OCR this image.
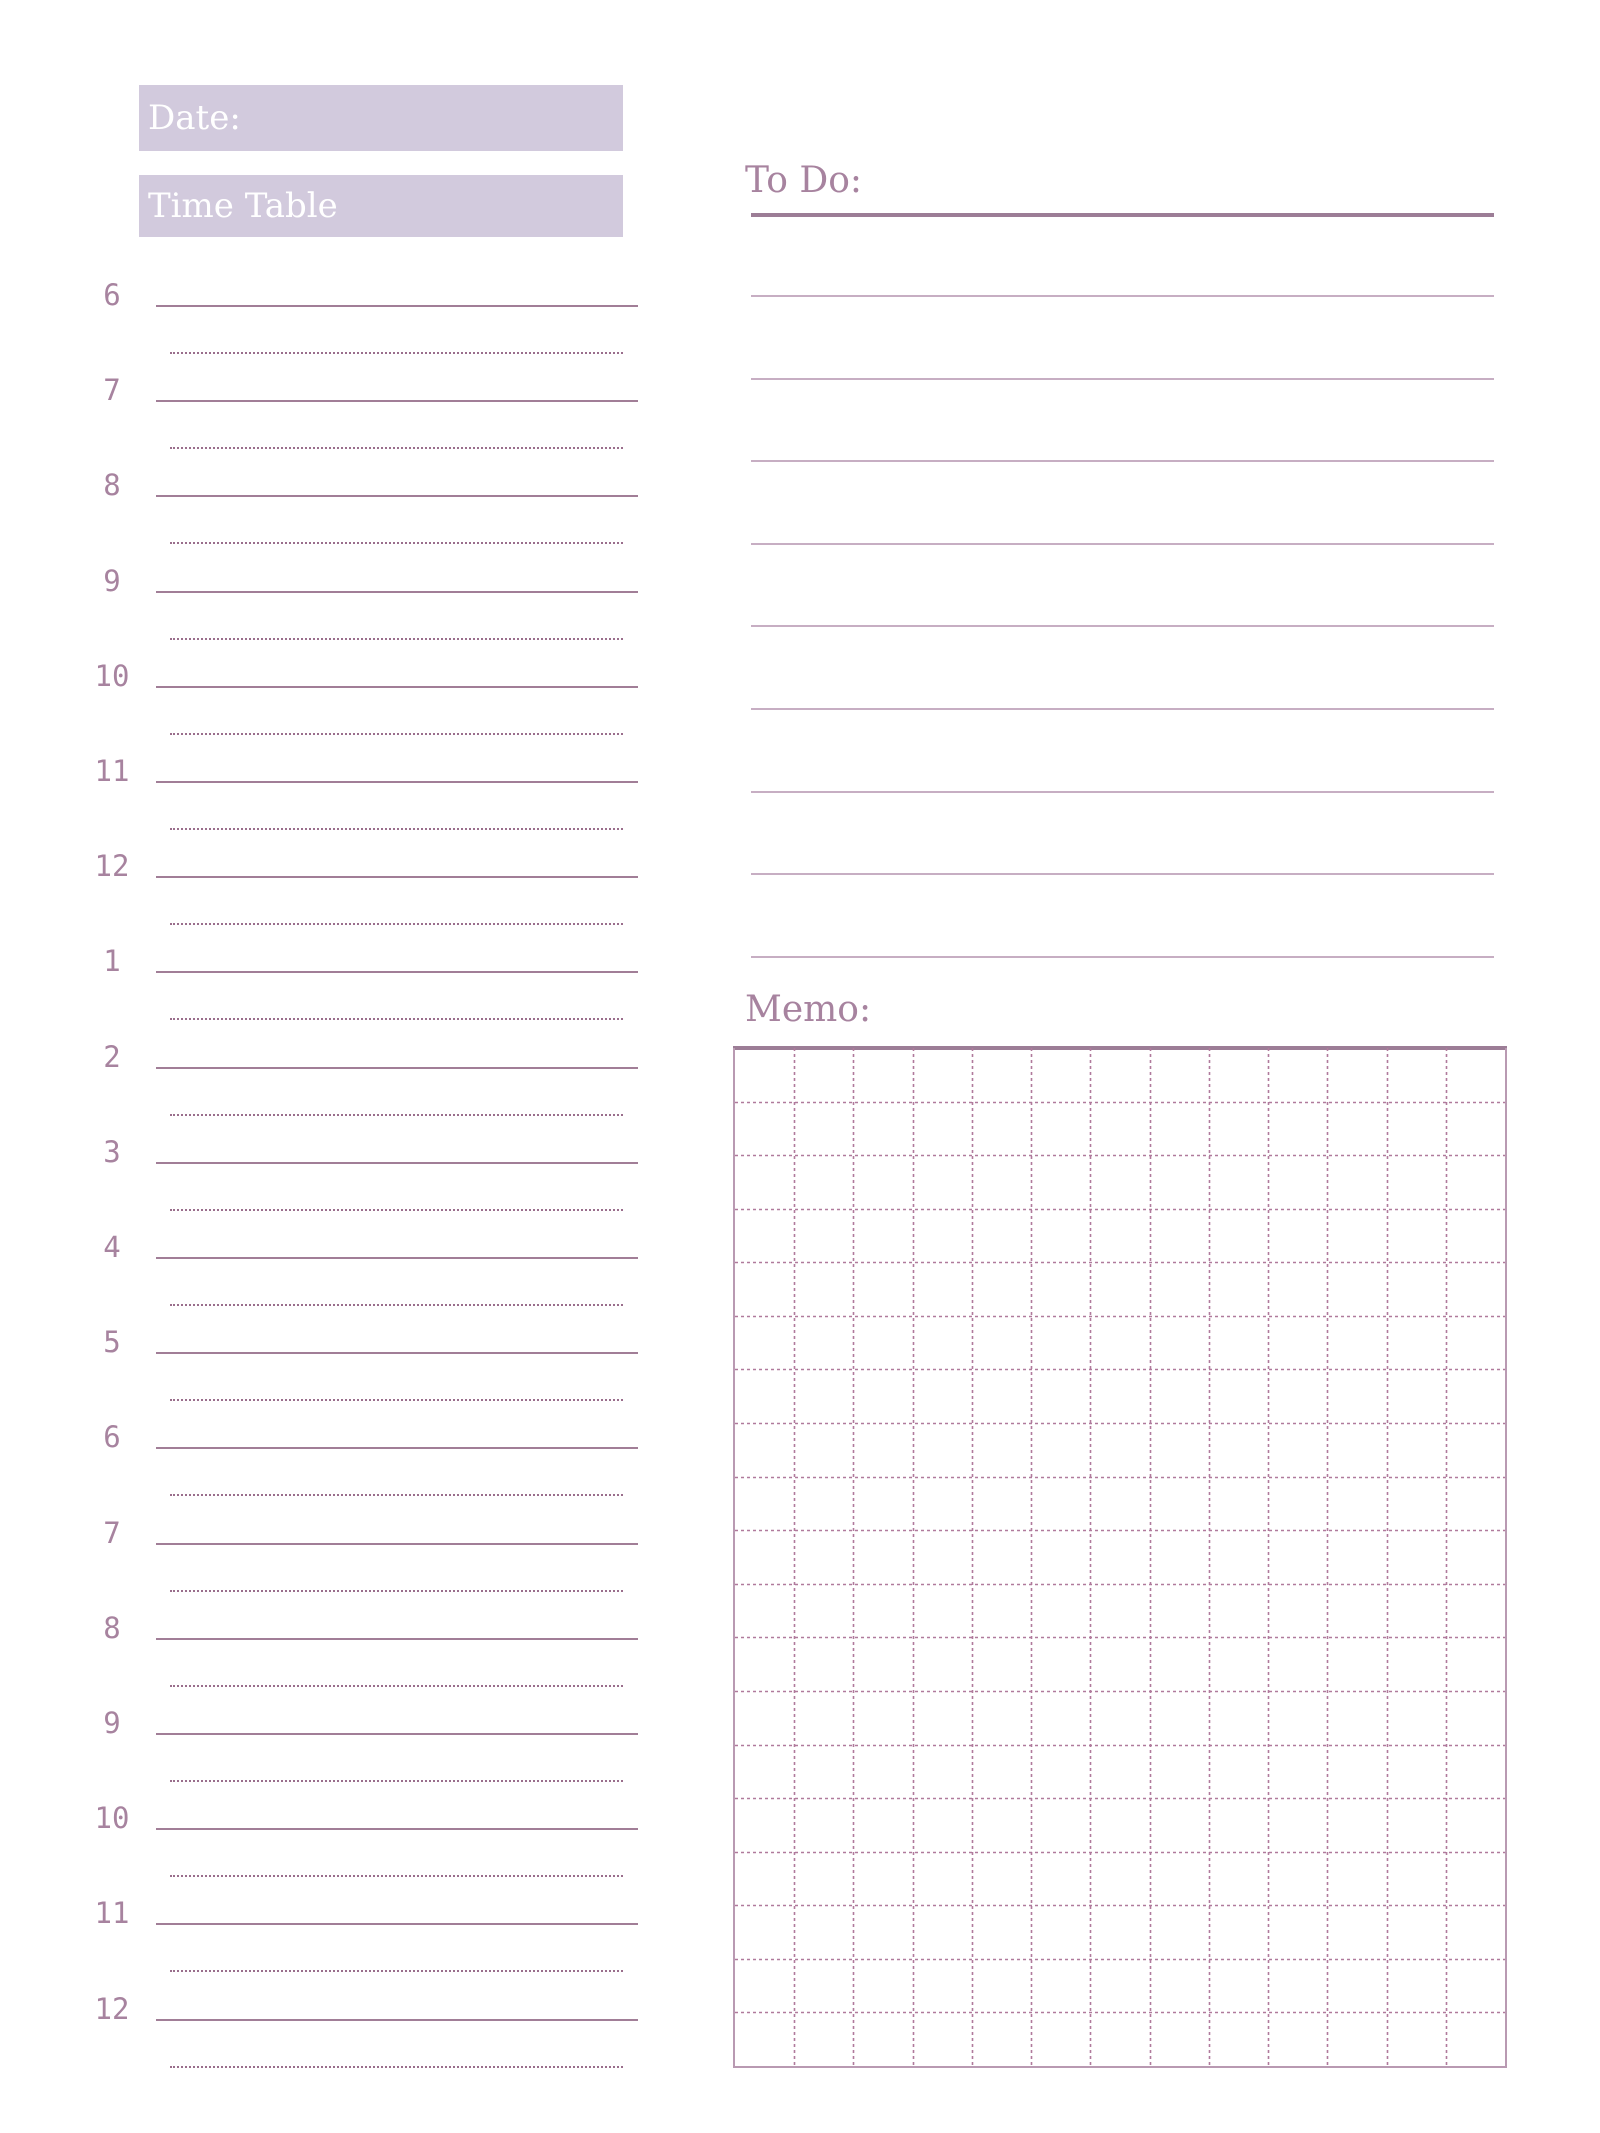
Date:
Time Table
6
7
8
9
10
11
12
1
2
3
4
5
6
7
8
9
10
11
12
To Do:
Memo:
